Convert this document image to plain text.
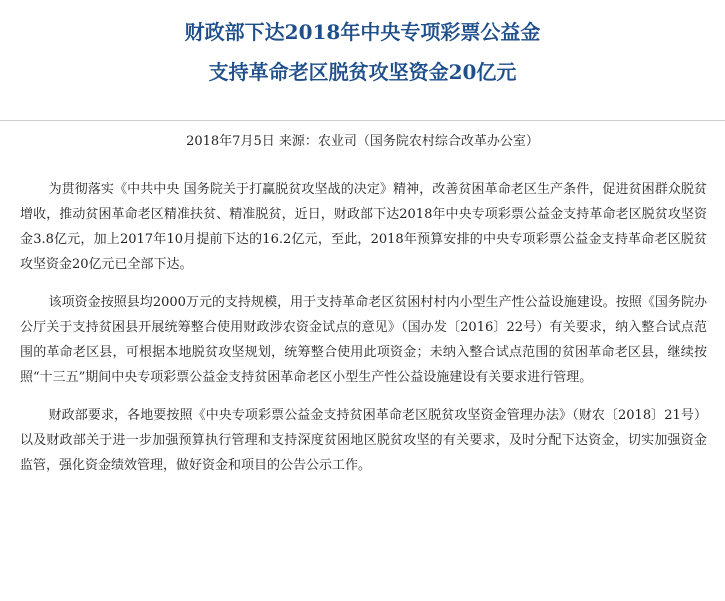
财政部下达2018年中央专项彩票公益金
支持革命老区脱贫攻坚资金20亿元
2018年7月5日 来源：农业司（国务院农村综合改革办公室）

为贯彻落实《中共中央 国务院关于打赢脱贫攻坚战的决定》精神，改善贫困革命老区生产条件，促进贫困群众脱贫增收，推动贫困革命老区精准扶贫、精准脱贫，近日，财政部下达2018年中央专项彩票公益金支持革命老区脱贫攻坚资金3.8亿元，加上2017年10月提前下达的16.2亿元，至此，2018年预算安排的中央专项彩票公益金支持革命老区脱贫攻坚资金20亿元已全部下达。

该项资金按照县均2000万元的支持规模，用于支持革命老区贫困村村内小型生产性公益设施建设。按照《国务院办公厅关于支持贫困县开展统筹整合使用财政涉农资金试点的意见》（国办发〔2016〕22号）有关要求，纳入整合试点范围的革命老区县，可根据本地脱贫攻坚规划，统筹整合使用此项资金；未纳入整合试点范围的贫困革命老区县，继续按照“十三五”期间中央专项彩票公益金支持贫困革命老区小型生产性公益设施建设有关要求进行管理。

财政部要求，各地要按照《中央专项彩票公益金支持贫困革命老区脱贫攻坚资金管理办法》（财农〔2018〕21号）以及财政部关于进一步加强预算执行管理和支持深度贫困地区脱贫攻坚的有关要求，及时分配下达资金，切实加强资金监管，强化资金绩效管理，做好资金和项目的公告公示工作。
